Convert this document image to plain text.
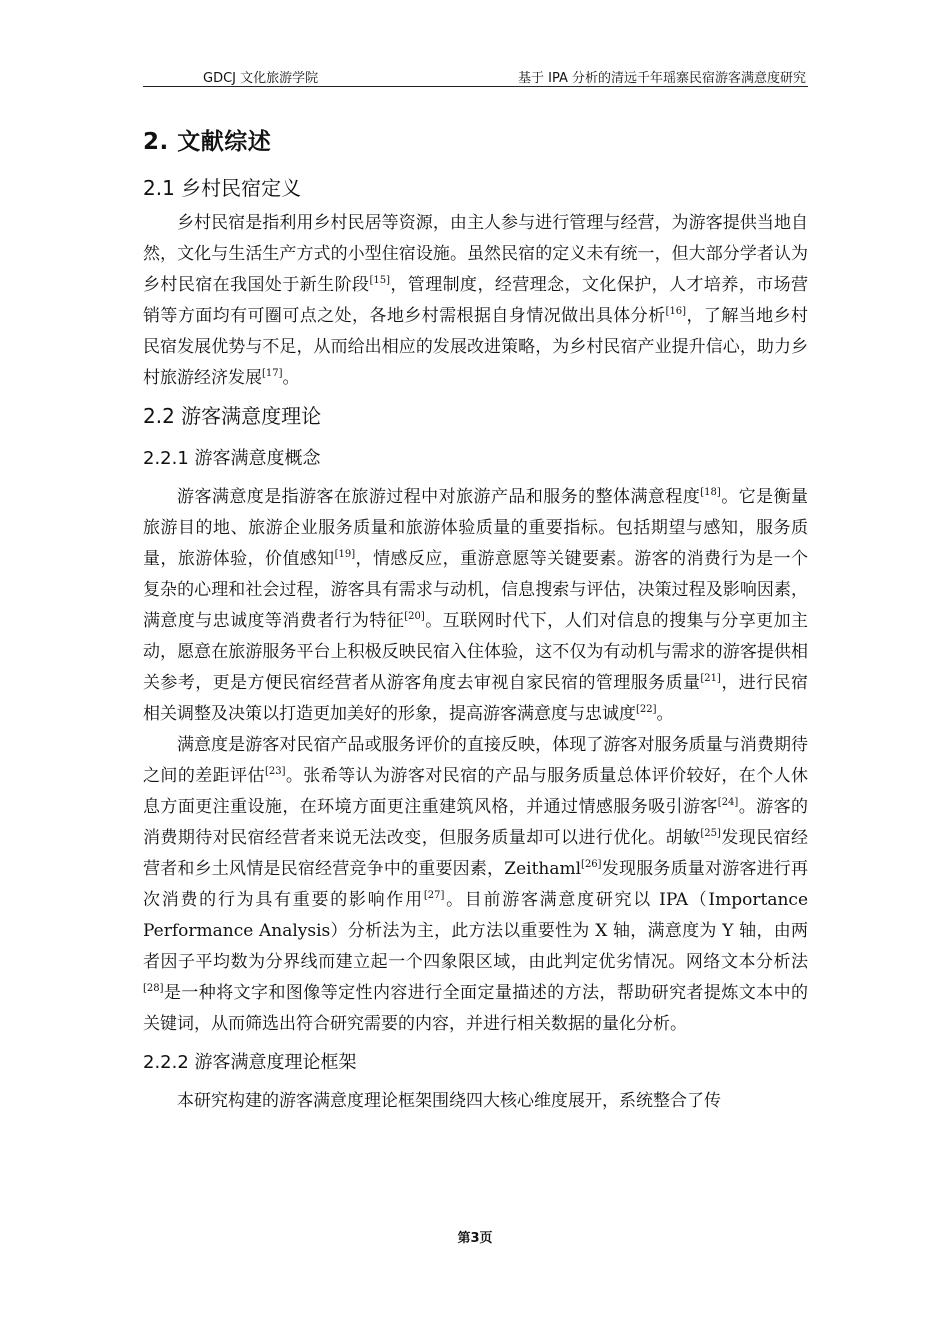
GDCJ 文化旅游学院	基于 IPA 分析的清远千年瑶寨民宿游客满意度研究
2. 文献综述
2.1 乡村民宿定义

乡村民宿是指利用乡村民居等资源，由主人参与进行管理与经营，为游客提供当地自然，文化与生活生产方式的小型住宿设施。虽然民宿的定义未有统一，但大部分学者认为乡村民宿在我国处于新生阶段[15]，管理制度，经营理念，文化保护，人才培养，市场营销等方面均有可圈可点之处，各地乡村需根据自身情况做出具体分析[16]，了解当地乡村民宿发展优势与不足，从而给出相应的发展改进策略，为乡村民宿产业提升信心，助力乡村旅游经济发展[17]。

2.2 游客满意度理论
2.2.1 游客满意度概念

游客满意度是指游客在旅游过程中对旅游产品和服务的整体满意程度[18]。它是衡量旅游目的地、旅游企业服务质量和旅游体验质量的重要指标。包括期望与感知，服务质量，旅游体验，价值感知[19]，情感反应，重游意愿等关键要素。游客的消费行为是一个复杂的心理和社会过程，游客具有需求与动机，信息搜索与评估，决策过程及影响因素，满意度与忠诚度等消费者行为特征[20]。互联网时代下，人们对信息的搜集与分享更加主动，愿意在旅游服务平台上积极反映民宿入住体验，这不仅为有动机与需求的游客提供相关参考，更是方便民宿经营者从游客角度去审视自家民宿的管理服务质量[21]，进行民宿相关调整及决策以打造更加美好的形象，提高游客满意度与忠诚度[22]。

满意度是游客对民宿产品或服务评价的直接反映，体现了游客对服务质量与消费期待之间的差距评估[23]。张希等认为游客对民宿的产品与服务质量总体评价较好，在个人休息方面更注重设施，在环境方面更注重建筑风格，并通过情感服务吸引游客[24]。游客的消费期待对民宿经营者来说无法改变，但服务质量却可以进行优化。胡敏[25]发现民宿经营者和乡土风情是民宿经营竞争中的重要因素，Zeithaml[26]发现服务质量对游客进行再次消费的行为具有重要的影响作用[27]。目前游客满意度研究以 IPA（Importance Performance Analysis）分析法为主，此方法以重要性为 X 轴，满意度为 Y 轴，由两者因子平均数为分界线而建立起一个四象限区域，由此判定优劣情况。网络文本分析法[28]是一种将文字和图像等定性内容进行全面定量描述的方法，帮助研究者提炼文本中的关键词，从而筛选出符合研究需要的内容，并进行相关数据的量化分析。

2.2.2 游客满意度理论框架

本研究构建的游客满意度理论框架围绕四大核心维度展开，系统整合了传

第3页
